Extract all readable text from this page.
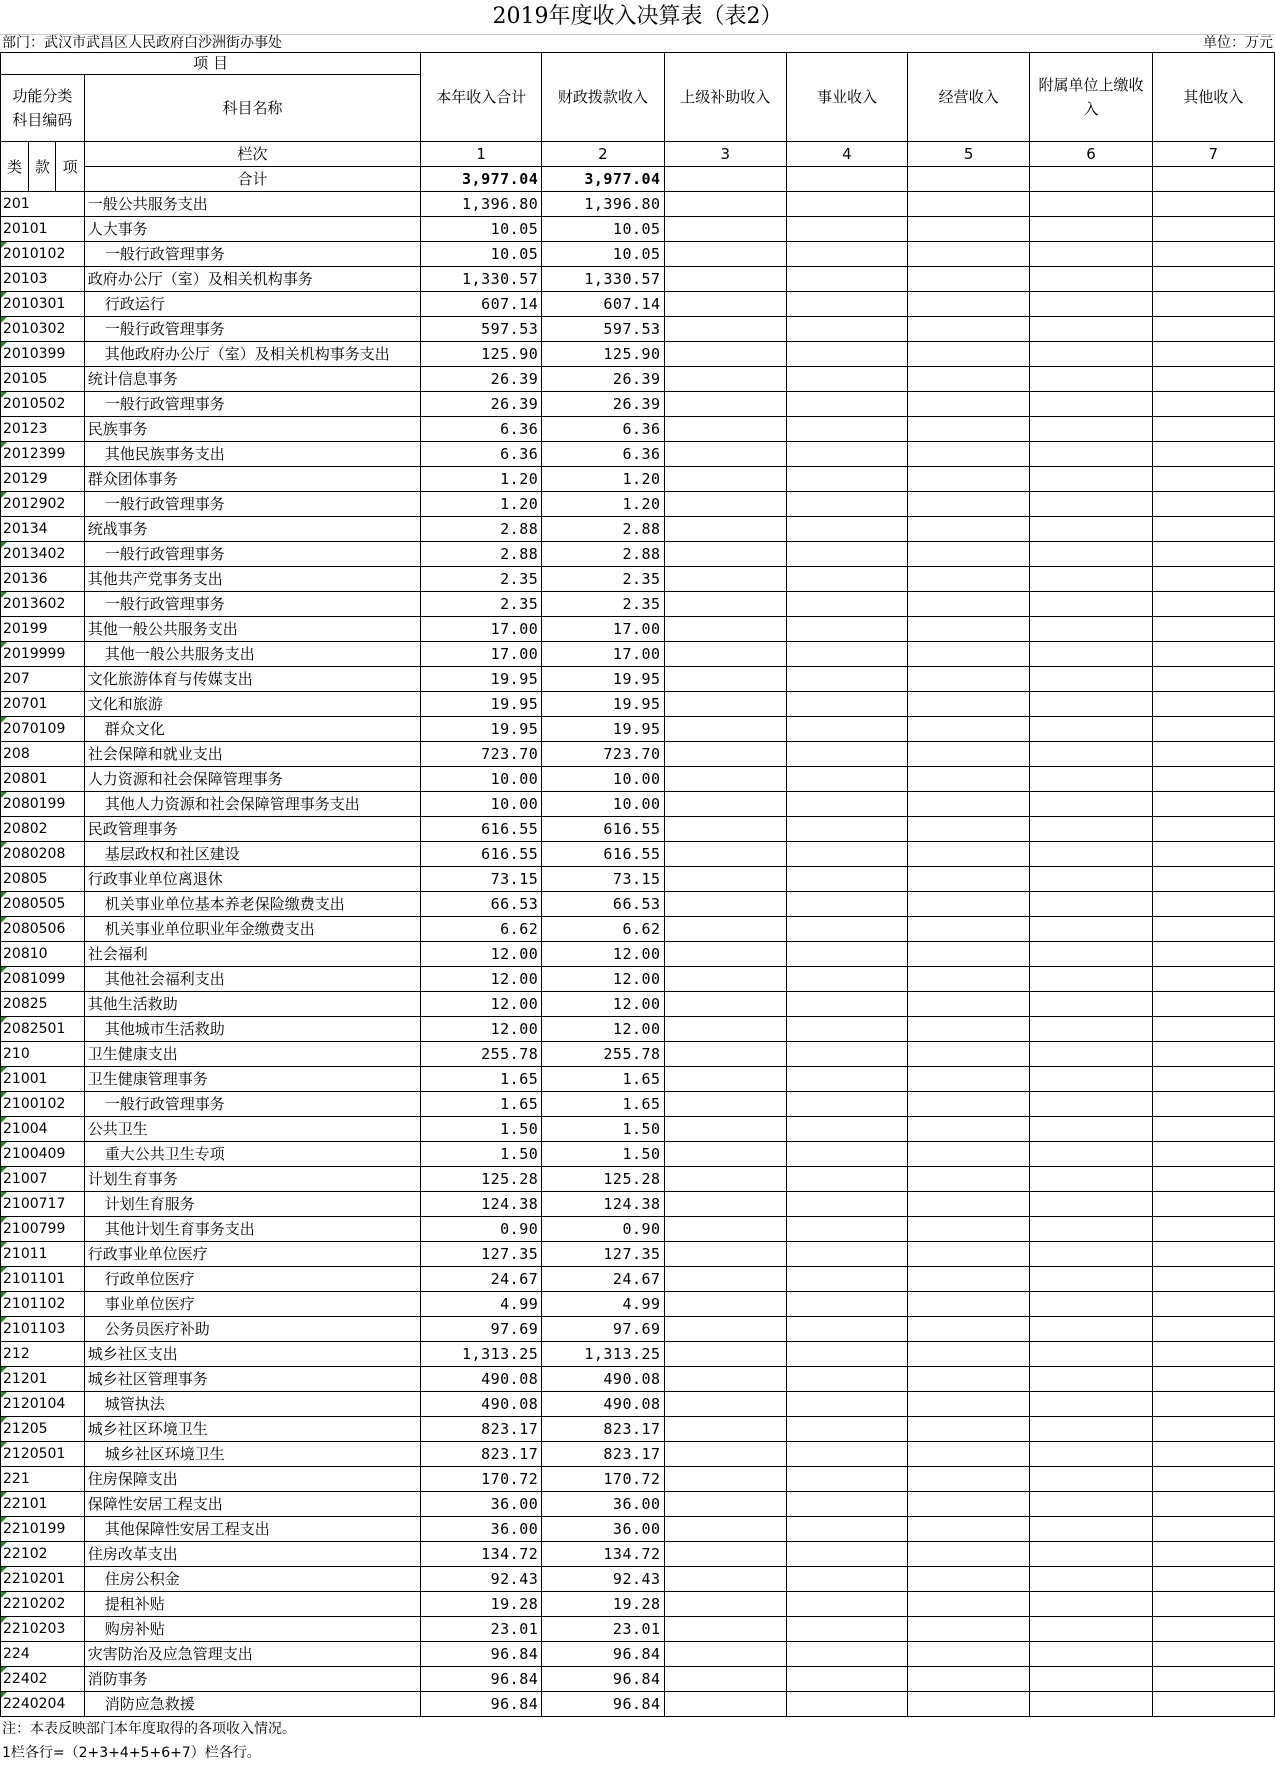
2019年度收入决算表（表2）
部门：武汉市武昌区人民政府白沙洲街办事处	单位：万元
项 目				本年收入合计	财政拨款收入	上级补助收入	事业收入	经营收入	附属单位上缴收入	其他收入
功能分类
科目编码			科目名称							
类	款	项	栏次	1	2	3	4	5	6	7
			合计	3,977.04	3,977.04					
201			一般公共服务支出	1,396.80	1,396.80					
20101			人大事务	10.05	10.05					
2010102			一般行政管理事务	10.05	10.05					
20103			政府办公厅（室）及相关机构事务	1,330.57	1,330.57					
2010301			行政运行	607.14	607.14					
2010302			一般行政管理事务	597.53	597.53					
2010399			其他政府办公厅（室）及相关机构事务支出	125.90	125.90					
20105			统计信息事务	26.39	26.39					
2010502			一般行政管理事务	26.39	26.39					
20123			民族事务	6.36	6.36					
2012399			其他民族事务支出	6.36	6.36					
20129			群众团体事务	1.20	1.20					
2012902			一般行政管理事务	1.20	1.20					
20134			统战事务	2.88	2.88					
2013402			一般行政管理事务	2.88	2.88					
20136			其他共产党事务支出	2.35	2.35					
2013602			一般行政管理事务	2.35	2.35					
20199			其他一般公共服务支出	17.00	17.00					
2019999			其他一般公共服务支出	17.00	17.00					
207			文化旅游体育与传媒支出	19.95	19.95					
20701			文化和旅游	19.95	19.95					
2070109			群众文化	19.95	19.95					
208			社会保障和就业支出	723.70	723.70					
20801			人力资源和社会保障管理事务	10.00	10.00					
2080199			其他人力资源和社会保障管理事务支出	10.00	10.00					
20802			民政管理事务	616.55	616.55					
2080208			基层政权和社区建设	616.55	616.55					
20805			行政事业单位离退休	73.15	73.15					
2080505			机关事业单位基本养老保险缴费支出	66.53	66.53					
2080506			机关事业单位职业年金缴费支出	6.62	6.62					
20810			社会福利	12.00	12.00					
2081099			其他社会福利支出	12.00	12.00					
20825			其他生活救助	12.00	12.00					
2082501			其他城市生活救助	12.00	12.00					
210			卫生健康支出	255.78	255.78					
21001			卫生健康管理事务	1.65	1.65					
2100102			一般行政管理事务	1.65	1.65					
21004			公共卫生	1.50	1.50					
2100409			重大公共卫生专项	1.50	1.50					
21007			计划生育事务	125.28	125.28					
2100717			计划生育服务	124.38	124.38					
2100799			其他计划生育事务支出	0.90	0.90					
21011			行政事业单位医疗	127.35	127.35					
2101101			行政单位医疗	24.67	24.67					
2101102			事业单位医疗	4.99	4.99					
2101103			公务员医疗补助	97.69	97.69					
212			城乡社区支出	1,313.25	1,313.25					
21201			城乡社区管理事务	490.08	490.08					
2120104			城管执法	490.08	490.08					
21205			城乡社区环境卫生	823.17	823.17					
2120501			城乡社区环境卫生	823.17	823.17					
221			住房保障支出	170.72	170.72					
22101			保障性安居工程支出	36.00	36.00					
2210199			其他保障性安居工程支出	36.00	36.00					
22102			住房改革支出	134.72	134.72					
2210201			住房公积金	92.43	92.43					
2210202			提租补贴	19.28	19.28					
2210203			购房补贴	23.01	23.01					
224			灾害防治及应急管理支出	96.84	96.84					
22402			消防事务	96.84	96.84					
2240204			消防应急救援	96.84	96.84					
注：本表反映部门本年度取得的各项收入情况。
1栏各行=（2+3+4+5+6+7）栏各行。
